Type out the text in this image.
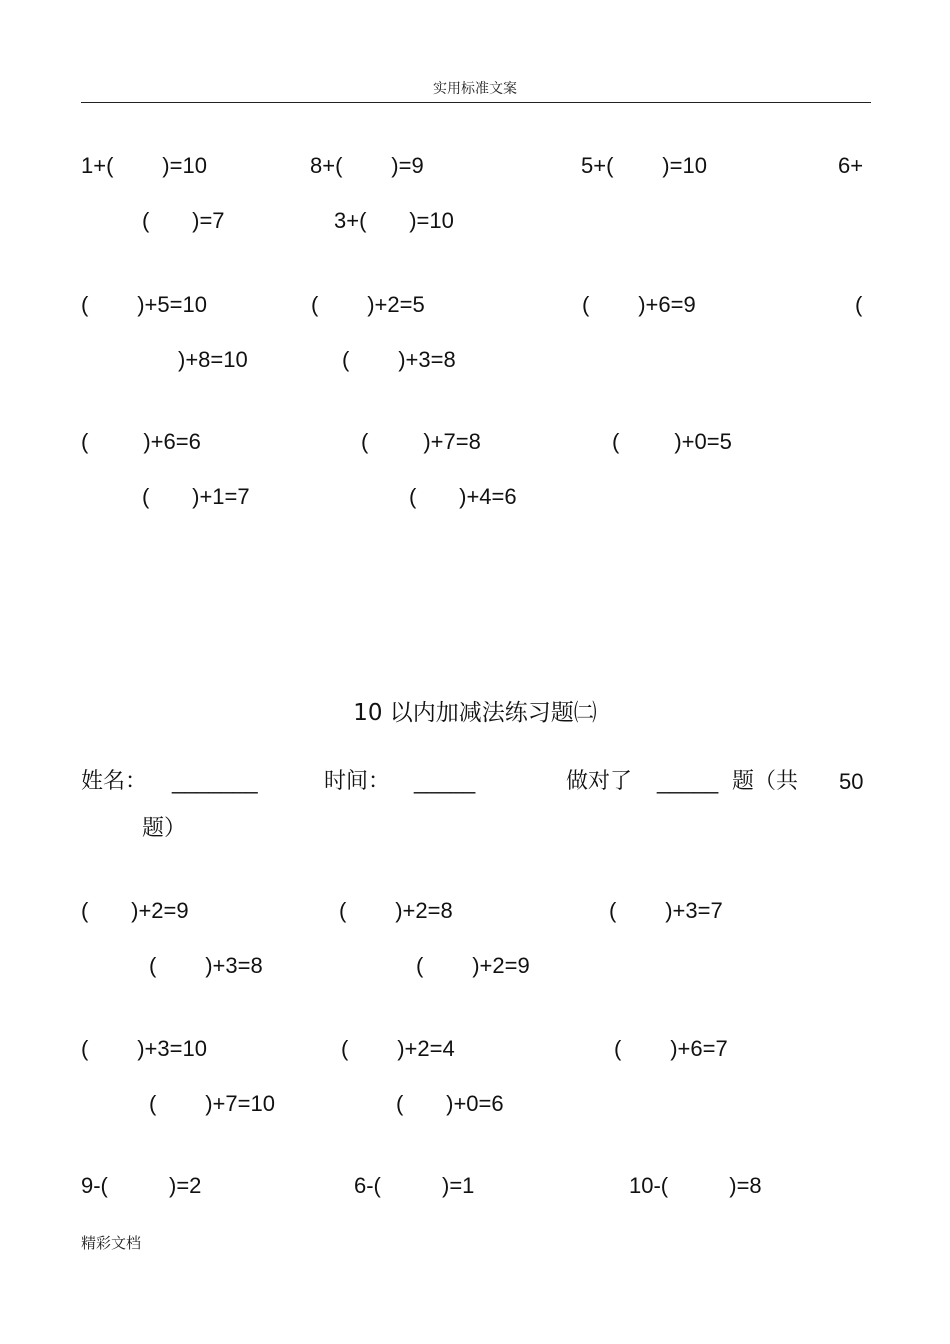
实用标准文案
1+(        )=10	8+(        )=9	5+(        )=10	6+
(       )=7	3+(       )=10
(        )+5=10	(        )+2=5	(        )+6=9	(
)+8=10	(        )+3=8
(         )+6=6	(         )+7=8	(         )+0=5
(       )+1=7	(       )+4=6
10 以内加减法练习题㈡
姓名： _______	时间： _____	做对了 _____ 题（共 50
题）
(       )+2=9	(        )+2=8	(        )+3=7
(        )+3=8	(        )+2=9
(        )+3=10	(        )+2=4	(        )+6=7
(        )+7=10	(       )+0=6
9-(          )=2	6-(          )=1	10-(          )=8
精彩文档
